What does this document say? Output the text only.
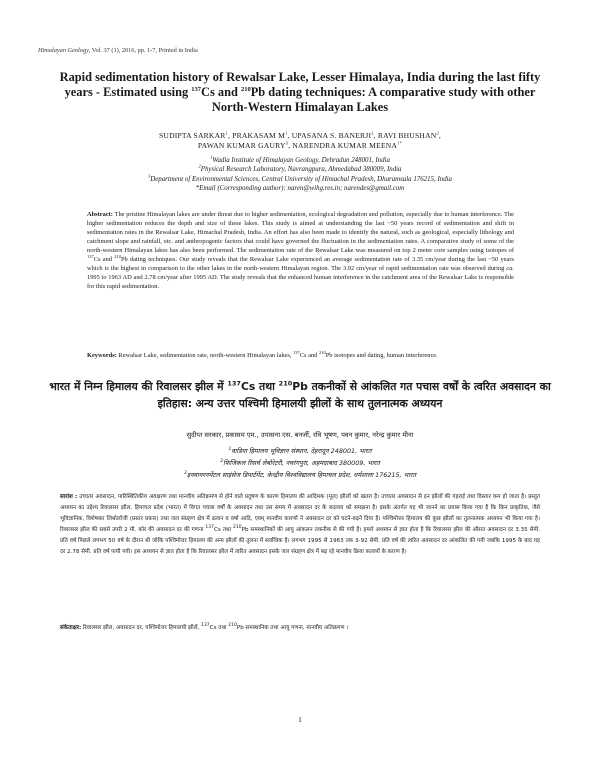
Himalayan Geology, Vol. 37 (1), 2016, pp. 1-7, Printed in India
Rapid sedimentation history of Rewalsar Lake, Lesser Himalaya, India during the last fifty years - Estimated using $^{137}$Cs and $^{210}$Pb dating techniques: A comparative study with other North-Western Himalayan Lakes
SUDIPTA SARKAR$^1$, PRAKASAM $M^1$, UPASANA S. BANERJI$^2$, RAVI BHUSHAN$^2$,
PAWAN KUMAR GAURY$^3$, NARENDRA KUMAR $MEENA^{1*}$
$^1$Wadia Institute of Himalayan Geology, Dehradun 248001, India
$^2$Physical Research Laboratory, Navrangpura, Ahmedabad 380009, India
$^3$Department of Environmental Sciences, Central University of Himachal Pradesh, Dharamsala 176215, India
*Email (Corresponding author): naren@wihg.res.in; narendes@gmail.com
Abstract: The pristine Himalayan lakes are under threat due to higher sedimentation, ecological degradation and pollution, especially due to human interference. The higher sedimentation reduces the depth and size of these lakes. This study is aimed at understanding the last ~50 years record of sedimentation and shift in sedimentation rates in the Rewalsar Lake, Himachal Pradesh, India. An effort has also been made to identify the natural, such as geological, especially lithology and catchment slope and rainfall, etc. and anthropogenic factors that could have governed the fluctuation in the sedimentation rates. A comparative study of some of the north-western Himalayan lakes has also been performed. The sedimentation rate of the Rewalsar Lake was measured on top 2 meter core samples using isotopes of $^{137}$Cs and $^{210}$Pb dating techniques. Our study reveals that the Rewalsar Lake experienced an average sedimentation rate of 3.35 cm/year during the last ~50 years which is the highest in comparison to the other lakes in the north-western Himalayan region. The 3.92 cm/year of rapid sedimentation rate was observed during ca. 1995 to 1963 AD and 2.78 cm/year after 1995 AD. The study reveals that the enhanced human interference in the catchment area of the Rewalsar Lake is responsible for this rapid sedimentation.
Keywords: Rewalsar Lake, sedimentation rate, north-western Himalayan lakes, $^{137}$Cs and $^{210}$Pb isotopes and dating, human interference.
भारत में निम्न हिमालय की रिवालसर झील में $^{137}$Cs तथा $^{210}$Pb तकनीकों से आंकलित गत पचास वर्षों के त्वरित अवसादन का इतिहास: अन्य उत्तर पश्चिमी हिमालयी झीलों के साथ तुलनात्मक अध्ययन
सुदीप्त सरकार, प्रकासम एम., उपासना एस. बनर्जी, रवि भूषण, पवन कुमार, नरेन्द्र कुमार मीना
$^1$वाडिया हिमालय भूविज्ञान संस्थान, देहरादून 248001, भारत
$^2$फिजिकल रिसर्च लेबोरेटरी, नवरंगपुरा, अहमदाबाद 380009, भारत
$^3$इनवायरनमेंटल साइंसेज डिपार्टमेंट, केन्द्रीय विश्वविद्यालय हिमाचल प्रदेश, धर्मशाला 176215, भारत
सारांश : उच्चतर अवसादन, पारिस्थितिकीय अवक्षरण तथा मानवीय अतिक्रमण से होने वाले प्रदूषण के कारण हिमालय की आदिमक (मूल) झीलों को खतरा है। उच्चतर अवसादन से इन झीलों की गहराई तथा विस्तार कम हो जाता है। प्रस्तुत अध्ययन का उद्देश्य रिवालसर झील, हिमाचल प्रदेश (भारत) में विगत पचास वर्षों के अवसादन तथा उस समय में अवसादन दर के बदलाव को समझना है। इसके अंतर्गत यह भी जानने का प्रयास किया गया है कि किन प्राकृतिक, जैसे भूविज्ञानिक, विशेषकर लिथोलॉजी (प्रस्तर प्रकार) तथा जल संग्रहण क्षेत्र में ढलान व वर्षा आदि, एवम् मानवीय कारणों ने अवसादन दर को घटने-बढ़ने दिया है। पश्चिमोत्तर हिमालय की कुछ झीलों का तुलनात्मक अध्ययन भी किया गया है। रिवालसर झील की सबसे उपरी 2 मी. कोर की अवसादन दर की गणना $^{137}$Cs तथा $^{210}$Pb समस्थानिकों की आयु आंकलन तकनीक से की गयी है। हमारे अध्ययन से ज्ञात होता है कि रिवालसर झील की औसत अवसादन दर 3.35 सेमी. प्रति वर्ष पिछले लगभग 50 वर्ष के दौरान थी जोकि पश्चिमोत्तर हिमालय की अन्य झीलों की तुलना में सर्वाधिक है। लगभग 1995 से 1963 तक 3-92 सेमी. प्रति वर्ष की त्वरित अवसादन दर आंकलित की गयी जबकि 1995 के बाद यह दर 2.78 सेमी. प्रति वर्ष पायी गयी। इस अध्ययन से ज्ञात होता है कि रिवालसर झील में त्वरित अवसादन इसके जल संग्रहण क्षेत्र में बढ़ रहे मानवीय क्रिया कलापों के कारण है।
संकेताक्षर: रिवालसर झील, अवसादन दर, पश्चिमोत्तर हिमालयी झीलें, $^{137}$Cs तथा $^{210}$Pb समस्थानिक तथा आयु गणना, मानवीय अतिक्रमण ।
1
